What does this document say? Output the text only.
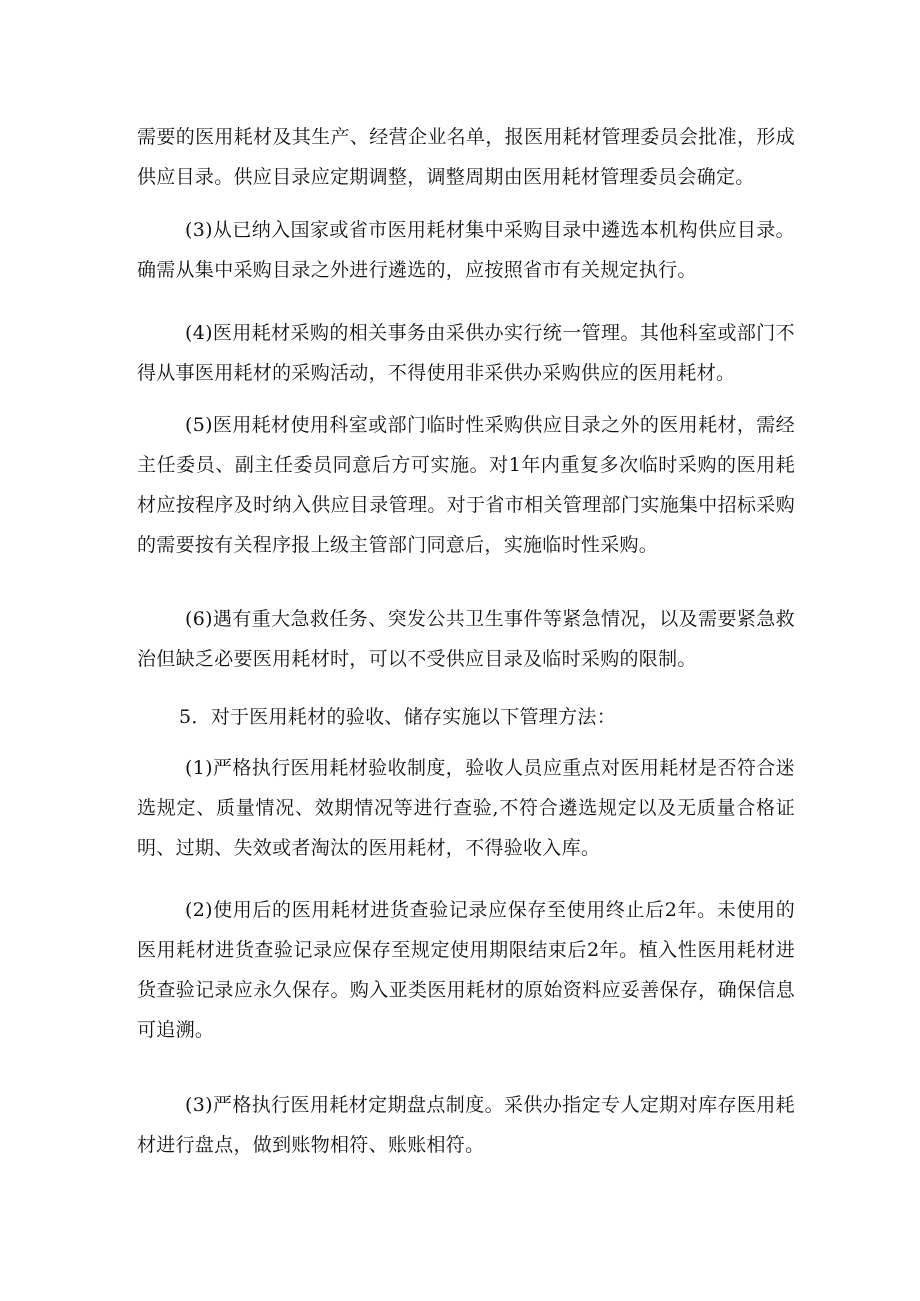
需要的医用耗材及其生产、经营企业名单，报医用耗材管理委员会批准，形成供应目录。供应目录应定期调整，调整周期由医用耗材管理委员会确定。

(3)从已纳入国家或省市医用耗材集中采购目录中遴选本机构供应目录。确需从集中采购目录之外进行遴选的，应按照省市有关规定执行。

(4)医用耗材采购的相关事务由采供办实行统一管理。其他科室或部门不得从事医用耗材的采购活动，不得使用非采供办采购供应的医用耗材。

(5)医用耗材使用科室或部门临时性采购供应目录之外的医用耗材，需经主任委员、副主任委员同意后方可实施。对1年内重复多次临时采购的医用耗材应按程序及时纳入供应目录管理。对于省市相关管理部门实施集中招标采购的需要按有关程序报上级主管部门同意后，实施临时性采购。

(6)遇有重大急救任务、突发公共卫生事件等紧急情况，以及需要紧急救治但缺乏必要医用耗材时，可以不受供应目录及临时采购的限制。

5．对于医用耗材的验收、储存实施以下管理方法：

(1)严格执行医用耗材验收制度，验收人员应重点对医用耗材是否符合迷选规定、质量情况、效期情况等进行查验,不符合遴选规定以及无质量合格证明、过期、失效或者淘汰的医用耗材，不得验收入库。

(2)使用后的医用耗材进货查验记录应保存至使用终止后2年。未使用的医用耗材进货查验记录应保存至规定使用期限结束后2年。植入性医用耗材进货查验记录应永久保存。购入亚类医用耗材的原始资料应妥善保存，确保信息可追溯。

(3)严格执行医用耗材定期盘点制度。采供办指定专人定期对库存医用耗材进行盘点，做到账物相符、账账相符。
